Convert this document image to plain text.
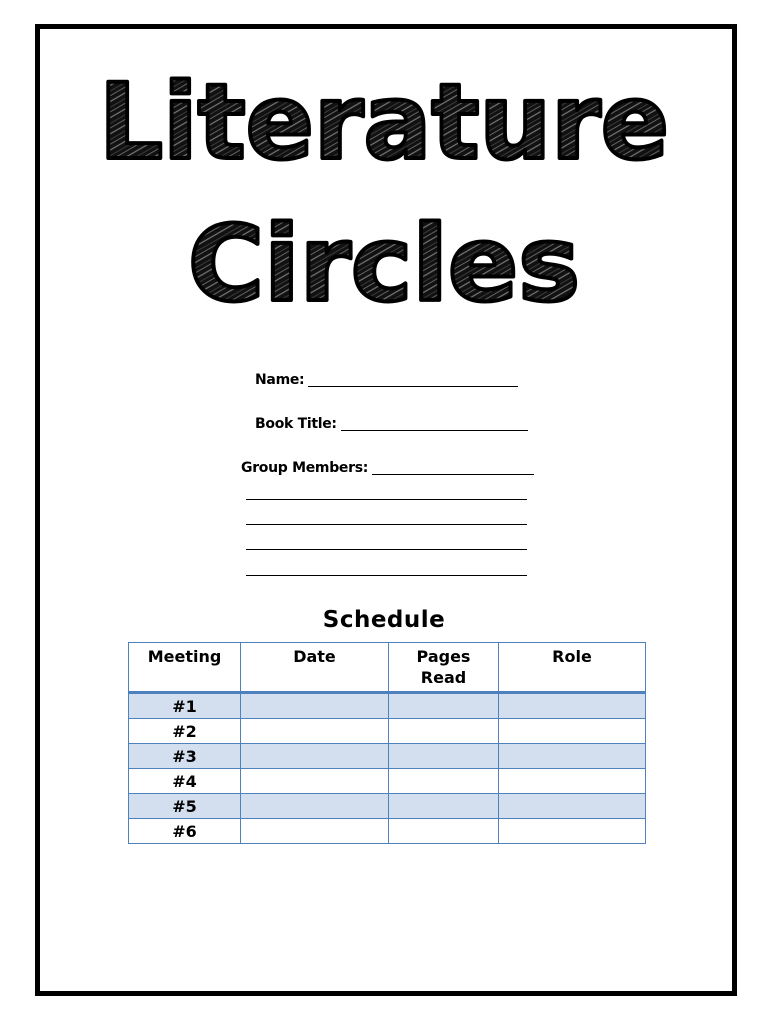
Literature
Circles
Name:
Book Title:
Group Members:
Schedule
Meeting	Date	Pages Read	Role
#1			
#2			
#3			
#4			
#5			
#6			
